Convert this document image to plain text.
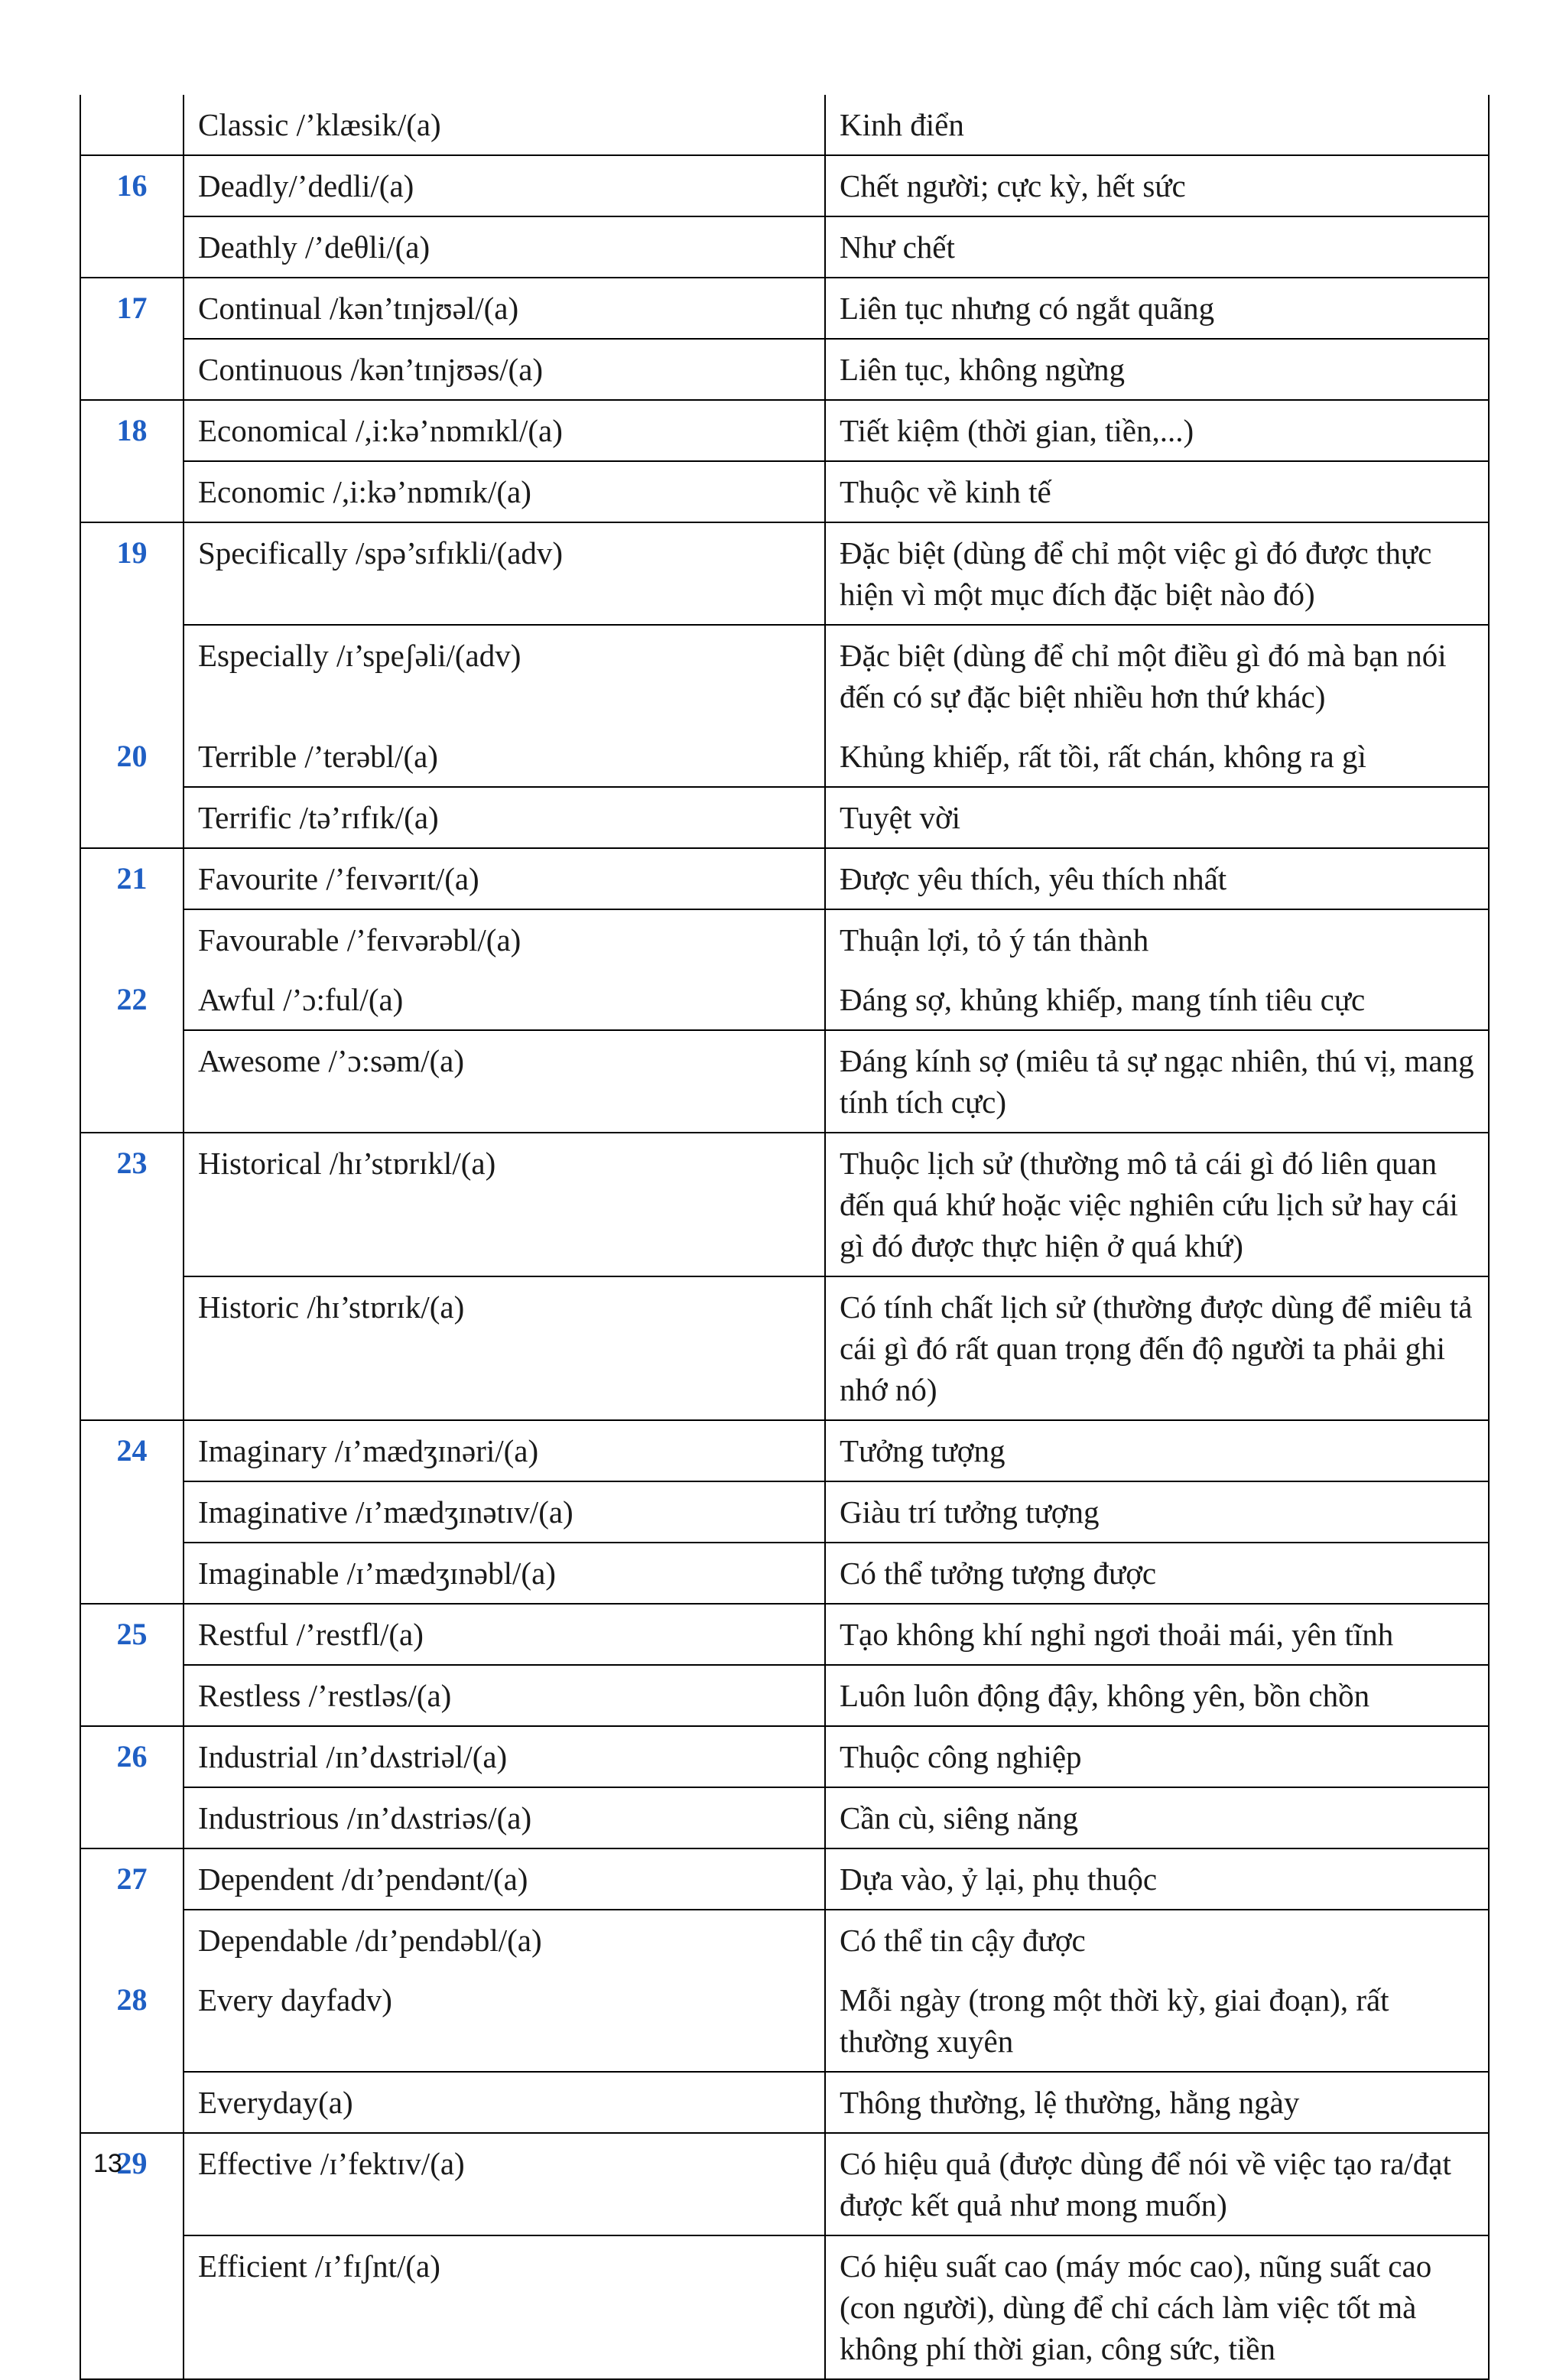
	Classic /’klæsik/(a)	Kinh điển
16	Deadly/’dedli/(a)	Chết người; cực kỳ, hết sức
	Deathly /’deθli/(a)	Như chết
17	Continual /kən’tɪnjʊəl/(a)	Liên tục nhưng có ngắt quãng
	Continuous /kən’tɪnjʊəs/(a)	Liên tục, không ngừng
18	Economical /,i:kə’nɒmɪkl/(a)	Tiết kiệm (thời gian, tiền,...)
	Economic /,i:kə’nɒmɪk/(a)	Thuộc về kinh tế
19	Specifically /spə’sɪfɪkli/(adv)	Đặc biệt (dùng để chỉ một việc gì đó được thực hiện vì một mục đích đặc biệt nào đó)
	Especially /ɪ’speʃəli/(adv)	Đặc biệt (dùng để chỉ một điều gì đó mà bạn nói đến có sự đặc biệt nhiều hơn thứ khác)
20	Terrible /’terəbl/(a)	Khủng khiếp, rất tồi, rất chán, không ra gì
	Terrific /tə’rɪfɪk/(a)	Tuyệt vời
21	Favourite /’feɪvərɪt/(a)	Được yêu thích, yêu thích nhất
	Favourable /’feɪvərəbl/(a)	Thuận lợi, tỏ ý tán thành
22	Awful /’ɔ:ful/(a)	Đáng sợ, khủng khiếp, mang tính tiêu cực
	Awesome /’ɔ:səm/(a)	Đáng kính sợ (miêu tả sự ngạc nhiên, thú vị, mang tính tích cực)
23	Historical /hɪ’stɒrɪkl/(a)	Thuộc lịch sử (thường mô tả cái gì đó liên quan đến quá khứ hoặc việc nghiên cứu lịch sử hay cái gì đó được thực hiện ở quá khứ)
	Historic /hɪ’stɒrɪk/(a)	Có tính chất lịch sử (thường được dùng để miêu tả cái gì đó rất quan trọng đến độ người ta phải ghi nhớ nó)
24	Imaginary /ɪ’mædʒɪnəri/(a)	Tưởng tượng
	Imaginative /ɪ’mædʒɪnətɪv/(a)	Giàu trí tưởng tượng
	Imaginable /ɪ’mædʒɪnəbl/(a)	Có thể tưởng tượng được
25	Restful /’restfl/(a)	Tạo không khí nghỉ ngơi thoải mái, yên tĩnh
	Restless /’restləs/(a)	Luôn luôn động đậy, không yên, bồn chồn
26	Industrial /ɪn’dʌstriəl/(a)	Thuộc công nghiệp
	Industrious /ɪn’dʌstriəs/(a)	Cần cù, siêng năng
27	Dependent /dɪ’pendənt/(a)	Dựa vào, ỷ lại, phụ thuộc
	Dependable /dɪ’pendəbl/(a)	Có thể tin cậy được
28	Every dayfadv)	Mỗi ngày (trong một thời kỳ, giai đoạn), rất thường xuyên
	Everyday(a)	Thông thường, lệ thường, hằng ngày
29	Effective /ɪ’fektɪv/(a)	Có hiệu quả (được dùng để nói về việc tạo ra/đạt được kết quả như mong muốn)
	Efficient /ɪ’fɪʃnt/(a)	Có hiệu suất cao (máy móc cao), nũng suất cao (con người), dùng để chỉ cách làm việc tốt mà không phí thời gian, công sức, tiền
13
